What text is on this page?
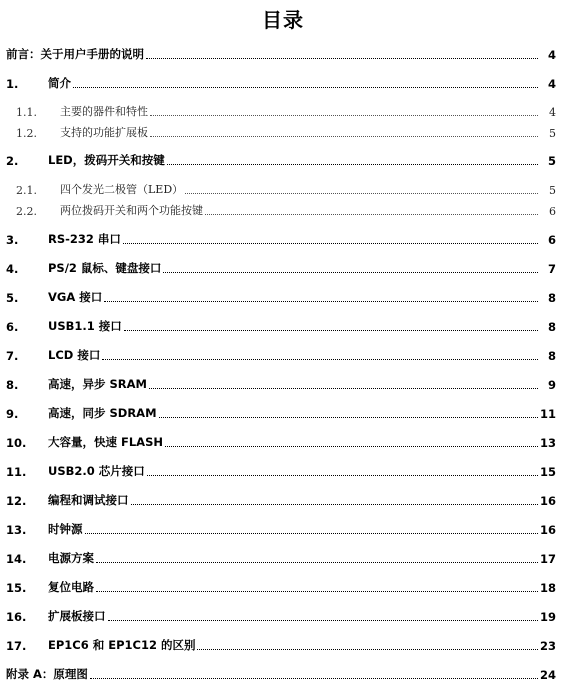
目录
前言：关于用户手册的说明	4
1.	简介	4
1.1.	主要的器件和特性	4
1.2.	支持的功能扩展板	5
2.	LED，拨码开关和按键	5
2.1.	四个发光二极管（LED）	5
2.2.	两位拨码开关和两个功能按键	6
3.	RS-232 串口	6
4.	PS/2 鼠标、键盘接口	7
5.	VGA 接口	8
6.	USB1.1 接口	8
7.	LCD 接口	8
8.	高速，异步 SRAM	9
9.	高速，同步 SDRAM	11
10.	大容量，快速 FLASH	13
11.	USB2.0 芯片接口	15
12.	编程和调试接口	16
13.	时钟源	16
14.	电源方案	17
15.	复位电路	18
16.	扩展板接口	19
17.	EP1C6 和 EP1C12 的区别	23
附录 A：原理图	24
